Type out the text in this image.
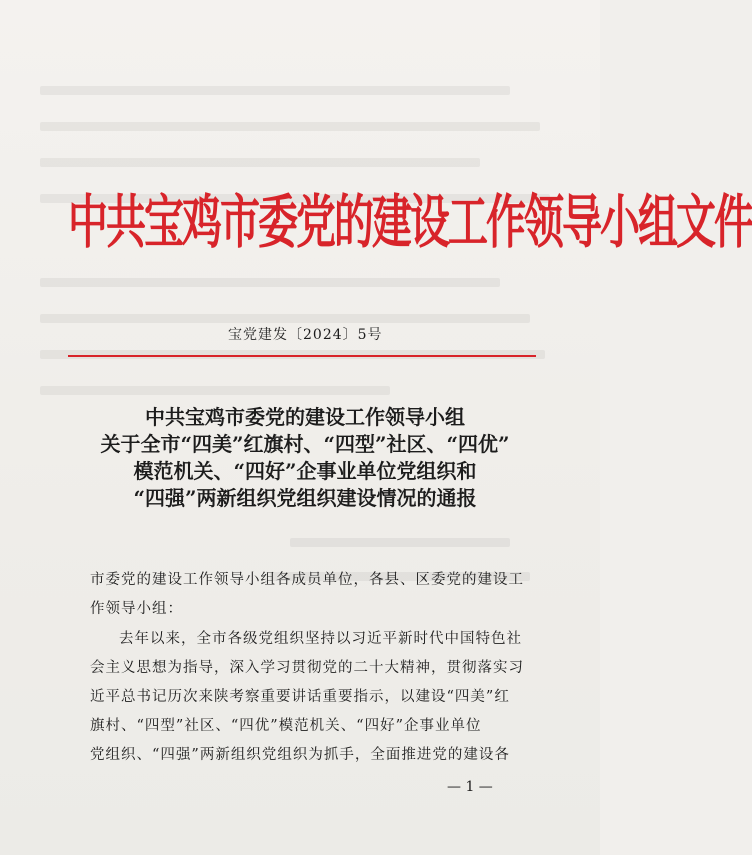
中共宝鸡市委党的建设工作领导小组文件
宝党建发〔2024〕5号
中共宝鸡市委党的建设工作领导小组
关于全市“四美”红旗村、“四型”社区、“四优”
模范机关、“四好”企事业单位党组织和
“四强”两新组织党组织建设情况的通报
市委党的建设工作领导小组各成员单位，各县、区委党的建设工
作领导小组：
去年以来，全市各级党组织坚持以习近平新时代中国特色社
会主义思想为指导，深入学习贯彻党的二十大精神，贯彻落实习
近平总书记历次来陕考察重要讲话重要指示，以建设“四美”红
旗村、“四型”社区、“四优”模范机关、“四好”企事业单位
党组织、“四强”两新组织党组织为抓手，全面推进党的建设各
— 1 —
